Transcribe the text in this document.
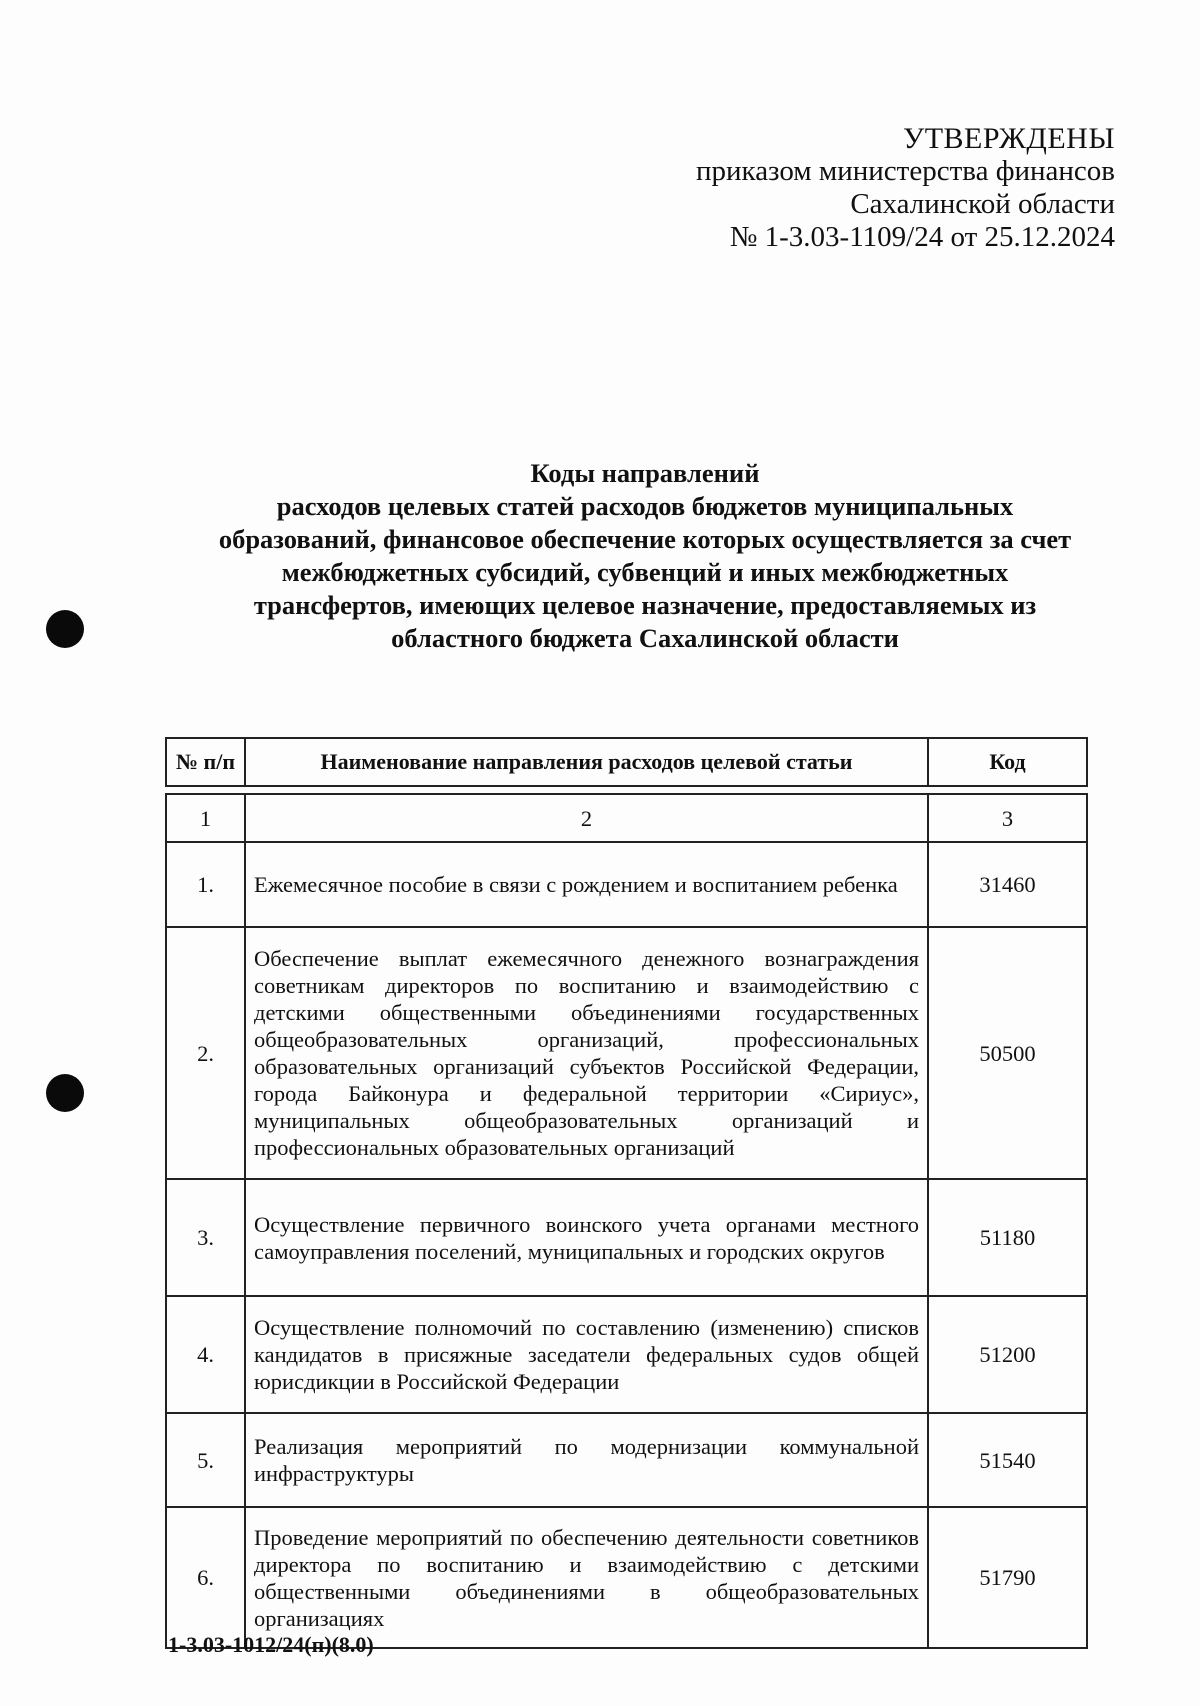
УТВЕРЖДЕНЫ
приказом министерства финансов
Сахалинской области
№ 1-3.03-1109/24 от 25.12.2024
Коды направлений
расходов целевых статей расходов бюджетов муниципальных
образований, финансовое обеспечение которых осуществляется за счет
межбюджетных субсидий, субвенций и иных межбюджетных
трансфертов, имеющих целевое назначение, предоставляемых из
областного бюджета Сахалинской области
№ п/п	Наименование направления расходов целевой статьи	Код
1	2	3
1.	Ежемесячное пособие в связи с рождением и воспитанием ребенка	31460
2.	Обеспечение выплат ежемесячного денежного вознаграждения советникам директоров по воспитанию и взаимодействию с детскими общественными объединениями государственных общеобразовательных организаций, профессиональных образовательных организаций субъектов Российской Федерации, города Байконура и федеральной территории «Сириус», муниципальных общеобразовательных организаций и профессиональных образовательных организаций	50500
3.	Осуществление первичного воинского учета органами местного самоуправления поселений, муниципальных и городских округов	51180
4.	Осуществление полномочий по составлению (изменению) списков кандидатов в присяжные заседатели федеральных судов общей юрисдикции в Российской Федерации	51200
5.	Реализация мероприятий по модернизации коммунальной инфраструктуры	51540
6.	Проведение мероприятий по обеспечению деятельности советников директора по воспитанию и взаимодействию с детскими общественными объединениями в общеобразовательных организациях	51790
1-3.03-1012/24(п)(8.0)
